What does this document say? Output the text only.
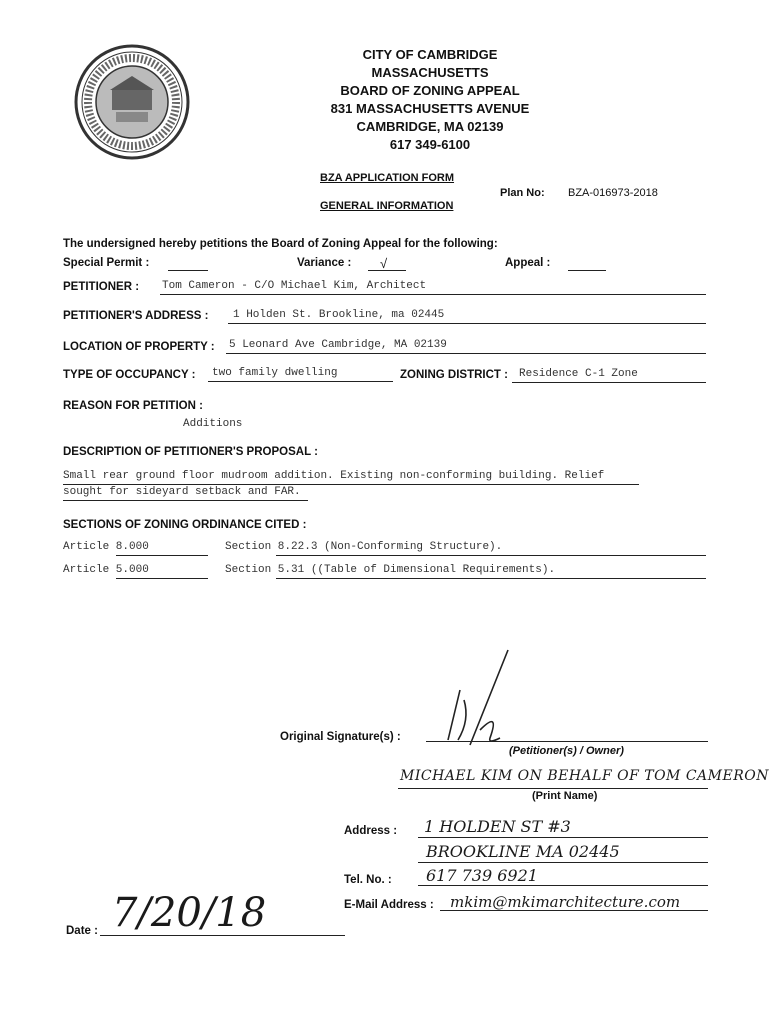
CITY OF CAMBRIDGE
MASSACHUSETTS
BOARD OF ZONING APPEAL
831 MASSACHUSETTS AVENUE
CAMBRIDGE, MA 02139
617 349-6100
BZA APPLICATION FORM
GENERAL INFORMATION
Plan No: BZA-016973-2018
The undersigned hereby petitions the Board of Zoning Appeal for the following:
Special Permit :	Variance : √	Appeal :
PETITIONER : Tom Cameron - C/O Michael Kim, Architect
PETITIONER'S ADDRESS : 1 Holden St. Brookline, ma 02445
LOCATION OF PROPERTY : 5 Leonard Ave Cambridge, MA 02139
TYPE OF OCCUPANCY : two family dwelling	ZONING DISTRICT : Residence C-1 Zone
REASON FOR PETITION :
Additions
DESCRIPTION OF PETITIONER'S PROPOSAL :
Small rear ground floor mudroom addition. Existing non-conforming building. Relief
sought for sideyard setback and FAR.
SECTIONS OF ZONING ORDINANCE CITED :
Article 8.000	Section 8.22.3 (Non-Conforming Structure).
Article 5.000	Section 5.31 ((Table of Dimensional Requirements).
Original Signature(s) :
(Petitioner(s) / Owner)
MICHAEL KIM ON BEHALF OF TOM CAMERON
(Print Name)
Address : 1 HOLDEN ST #3
BROOKLINE MA 02445
Tel. No. : 617 739 6921
E-Mail Address : mkim@mkimarchitecture.com
Date : 7/20/18
